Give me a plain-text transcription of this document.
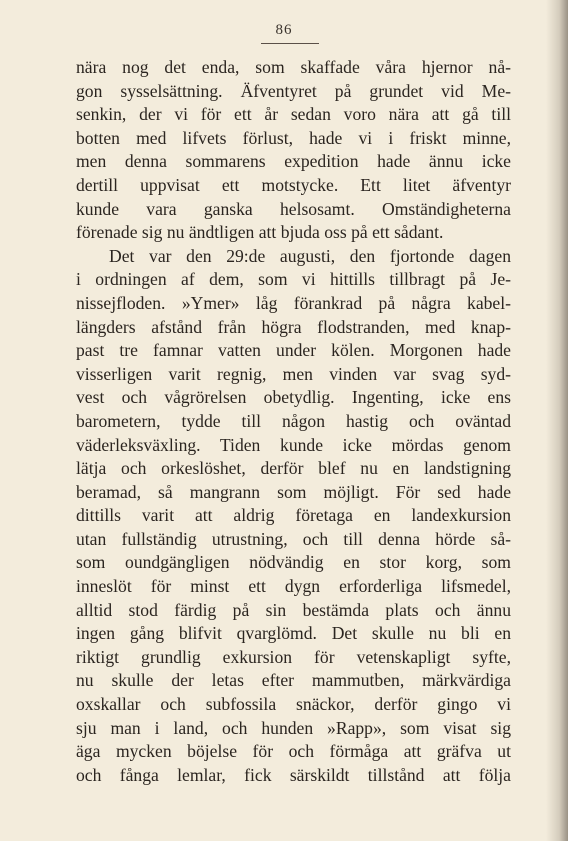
86
nära nog det enda, som skaffade våra hjernor nå-
gon sysselsättning. Äfventyret på grundet vid Me-
senkin, der vi för ett år sedan voro nära att gå till
botten med lifvets förlust, hade vi i friskt minne,
men denna sommarens expedition hade ännu icke
dertill uppvisat ett motstycke. Ett litet äfventyr
kunde vara ganska helsosamt. Omständigheterna
förenade sig nu ändtligen att bjuda oss på ett sådant.
Det var den 29:de augusti, den fjortonde dagen
i ordningen af dem, som vi hittills tillbragt på Je-
nissejfloden. »Ymer» låg förankrad på några kabel-
längders afstånd från högra flodstranden, med knap-
past tre famnar vatten under kölen. Morgonen hade
visserligen varit regnig, men vinden var svag syd-
vest och vågrörelsen obetydlig. Ingenting, icke ens
barometern, tydde till någon hastig och oväntad
väderleksväxling. Tiden kunde icke mördas genom
lätja och orkeslöshet, derför blef nu en landstigning
beramad, så mangrann som möjligt. För sed hade
dittills varit att aldrig företaga en landexkursion
utan fullständig utrustning, och till denna hörde så-
som oundgängligen nödvändig en stor korg, som
inneslöt för minst ett dygn erforderliga lifsmedel,
alltid stod färdig på sin bestämda plats och ännu
ingen gång blifvit qvarglömd. Det skulle nu bli en
riktigt grundlig exkursion för vetenskapligt syfte,
nu skulle der letas efter mammutben, märkvärdiga
oxskallar och subfossila snäckor, derför gingo vi
sju man i land, och hunden »Rapp», som visat sig
äga mycken böjelse för och förmåga att gräfva ut
och fånga lemlar, fick särskildt tillstånd att följa
